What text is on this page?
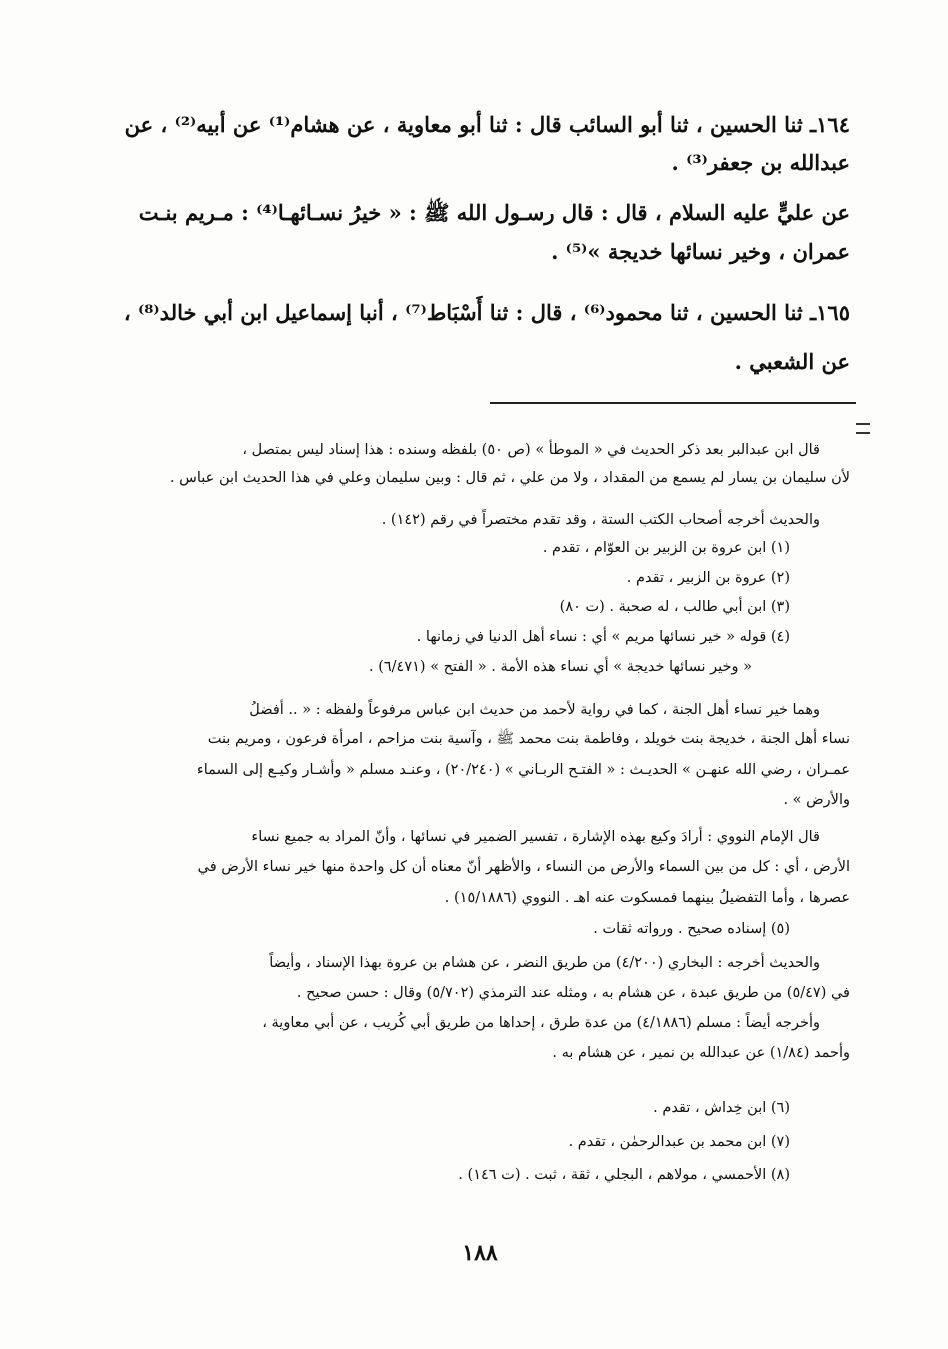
١٦٤ـ ثنا الحسين ، ثنا أبو السائب قال : ثنا أبو معاوية ، عن هشام⁽¹⁾ عن أبيه⁽²⁾ ، عن
عبدالله بن جعفر⁽³⁾ .
عن عليٍّ عليه السلام ، قال : قال رسـول الله ﷺ : « خيرُ نسـائهـا⁽⁴⁾ : مـريم بنـت
عمران ، وخير نسائها خديجة »⁽⁵⁾ .
١٦٥ـ ثنا الحسين ، ثنا محمود⁽⁶⁾ ، قال : ثنا أَسْبَاط⁽⁷⁾ ، أنبا إسماعيل ابن أبي خالد⁽⁸⁾ ،
عن الشعبي .
قال ابن عبدالبر بعد ذكر الحديث في « الموطأ » (ص ٥٠) بلفظه وسنده : هذا إسناد ليس بمتصل ،
لأن سليمان بن يسار لم يسمع من المقداد ، ولا من علي ، ثم قال : وبين سليمان وعلي في هذا الحديث ابن عباس .
والحديث أخرجه أصحاب الكتب الستة ، وقد تقدم مختصراً في رقم (١٤٢) .
(١) ابن عروة بن الزبير بن العوّام ، تقدم .
(٢) عروة بن الزبير ، تقدم .
(٣) ابن أبي طالب ، له صحبة . (ت ٨٠)
(٤) قوله « خير نسائها مريم » أي : نساء أهل الدنيا في زمانها .
« وخير نسائها خديجة » أي نساء هذه الأمة . « الفتح » (٦/٤٧١) .
وهما خير نساء أهل الجنة ، كما في رواية لأحمد من حديث ابن عباس مرفوعاً ولفظه : « .. أفضلُ
نساء أهل الجنة ، خديجة بنت خويلد ، وفاطمة بنت محمد ﷺ ، وآسية بنت مزاحم ، امرأة فرعون ، ومريم بنت
عمـران ، رضي الله عنهـن » الحديـث : « الفتـح الربـاني » (٢٠/٢٤٠) ، وعنـد مسلم « وأشـار وكيـع إلى السماء
والأرض » .
قال الإمام النووي : أرادَ وكيع بهذه الإشارة ، تفسير الضمير في نسائها ، وأنّ المراد به جميع نساء
الأرض ، أي : كل من بين السماء والأرض من النساء ، والأظهر أنّ معناه أن كل واحدة منها خير نساء الأرض في
عصرها ، وأما التفضيلُ بينهما فمسكوت عنه اهـ . النووي (١٥/١٨٨٦) .
(٥) إسناده صحيح . ورواته ثقات .
والحديث أخرجه : البخاري (٤/٢٠٠) من طريق النضر ، عن هشام بن عروة بهذا الإسناد ، وأيضاً
في (٥/٤٧) من طريق عبدة ، عن هشام به ، ومثله عند الترمذي (٥/٧٠٢) وقال : حسن صحيح .
وأخرجه أيضاً : مسلم (٤/١٨٨٦) من عدة طرق ، إحداها من طريق أبي كُريب ، عن أبي معاوية ،
وأحمد (١/٨٤) عن عبدالله بن نمير ، عن هشام به .
(٦) ابن خِداش ، تقدم .
(٧) ابن محمد بن عبدالرحمٰن ، تقدم .
(٨) الأحمسي ، مولاهم ، البجلي ، ثقة ، ثبت . (ت ١٤٦) .
١٨٨
